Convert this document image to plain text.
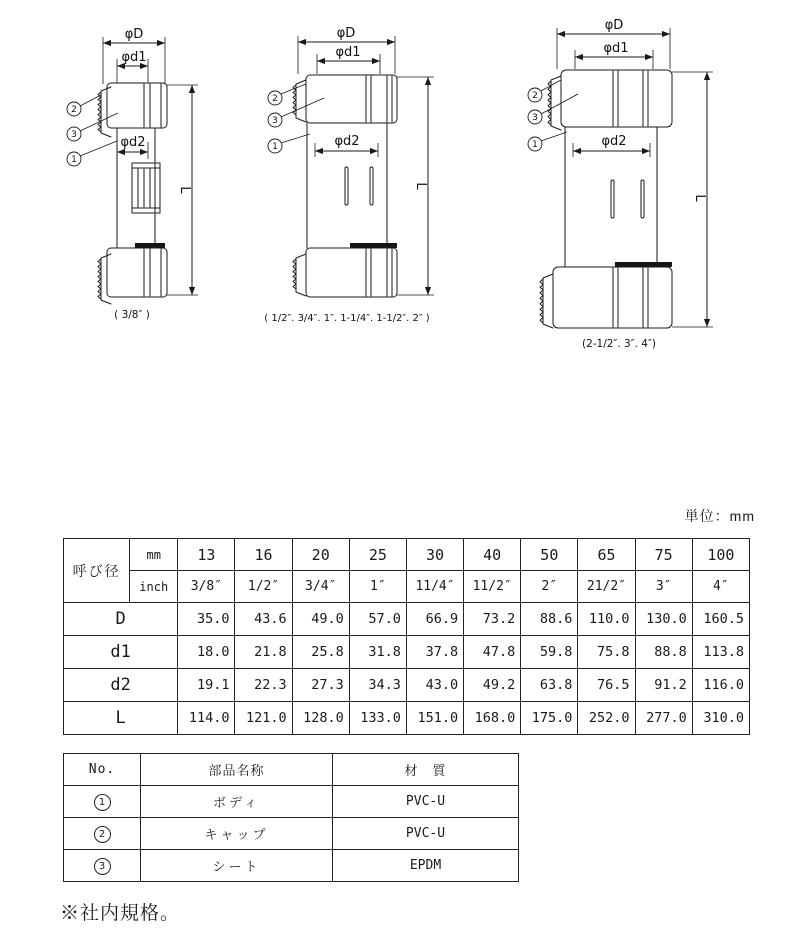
φD
φd1
φd2
L
2
3
1
( 3/8″ )
φD
φd1
φd2
L
2
3
1
( 1/2″. 3/4″. 1″. 1-1/4″. 1-1/2″. 2″ )
φD
φd1
φd2
L
2
3
1
(2-1/2″. 3″. 4″)
単位：mm
呼び径	mm	13	16	20	25	30	40	50	65	75	100
	inch	3/8″	1/2″	3/4″	1″	11/4″	11/2″	2″	21/2″	3″	4″
D		35.0	43.6	49.0	57.0	66.9	73.2	88.6	110.0	130.0	160.5
d1		18.0	21.8	25.8	31.8	37.8	47.8	59.8	75.8	88.8	113.8
d2		19.1	22.3	27.3	34.3	43.0	49.2	63.8	76.5	91.2	116.0
L		114.0	121.0	128.0	133.0	151.0	168.0	175.0	252.0	277.0	310.0
No.	部品名称	材　質
1	ボディ	PVC-U
2	キャップ	PVC-U
3	シート	EPDM
※社内規格。
